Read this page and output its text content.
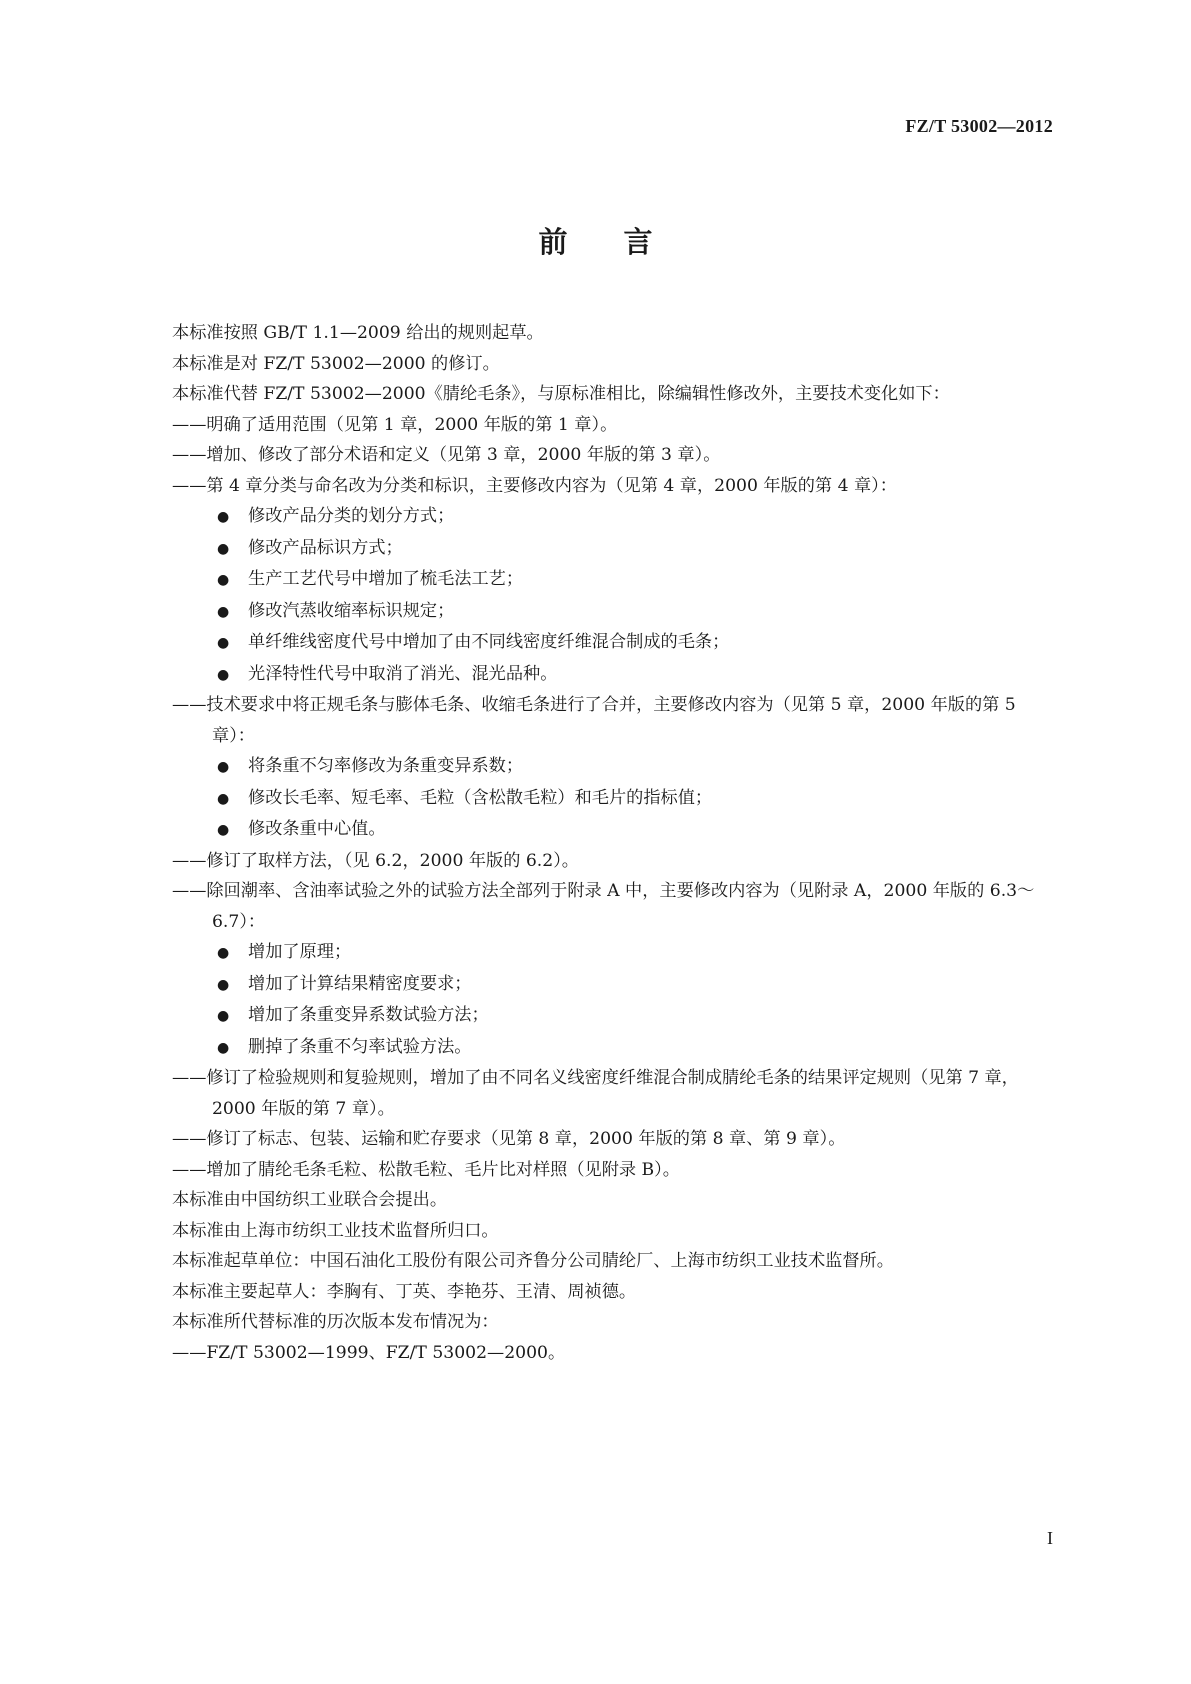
FZ/T 53002—2012
前言
本标准按照 GB/T 1.1—2009 给出的规则起草。
本标准是对 FZ/T 53002—2000 的修订。
本标准代替 FZ/T 53002—2000《腈纶毛条》，与原标准相比，除编辑性修改外，主要技术变化如下：
——明确了适用范围（见第 1 章，2000 年版的第 1 章）。
——增加、修改了部分术语和定义（见第 3 章，2000 年版的第 3 章）。
——第 4 章分类与命名改为分类和标识，主要修改内容为（见第 4 章，2000 年版的第 4 章）：
● 修改产品分类的划分方式；
● 修改产品标识方式；
● 生产工艺代号中增加了梳毛法工艺；
● 修改汽蒸收缩率标识规定；
● 单纤维线密度代号中增加了由不同线密度纤维混合制成的毛条；
● 光泽特性代号中取消了消光、混光品种。
——技术要求中将正规毛条与膨体毛条、收缩毛条进行了合并，主要修改内容为（见第 5 章，2000 年版的第 5 章）：
● 将条重不匀率修改为条重变异系数；
● 修改长毛率、短毛率、毛粒（含松散毛粒）和毛片的指标值；
● 修改条重中心值。
——修订了取样方法，（见 6.2，2000 年版的 6.2）。
——除回潮率、含油率试验之外的试验方法全部列于附录 A 中，主要修改内容为（见附录 A，2000 年版的 6.3～6.7）：
● 增加了原理；
● 增加了计算结果精密度要求；
● 增加了条重变异系数试验方法；
● 删掉了条重不匀率试验方法。
——修订了检验规则和复验规则，增加了由不同名义线密度纤维混合制成腈纶毛条的结果评定规则（见第 7 章，2000 年版的第 7 章）。
——修订了标志、包装、运输和贮存要求（见第 8 章，2000 年版的第 8 章、第 9 章）。
——增加了腈纶毛条毛粒、松散毛粒、毛片比对样照（见附录 B）。
本标准由中国纺织工业联合会提出。
本标准由上海市纺织工业技术监督所归口。
本标准起草单位：中国石油化工股份有限公司齐鲁分公司腈纶厂、上海市纺织工业技术监督所。
本标准主要起草人：李胸有、丁英、李艳芬、王清、周祯德。
本标准所代替标准的历次版本发布情况为：
——FZ/T 53002—1999、FZ/T 53002—2000。
I
